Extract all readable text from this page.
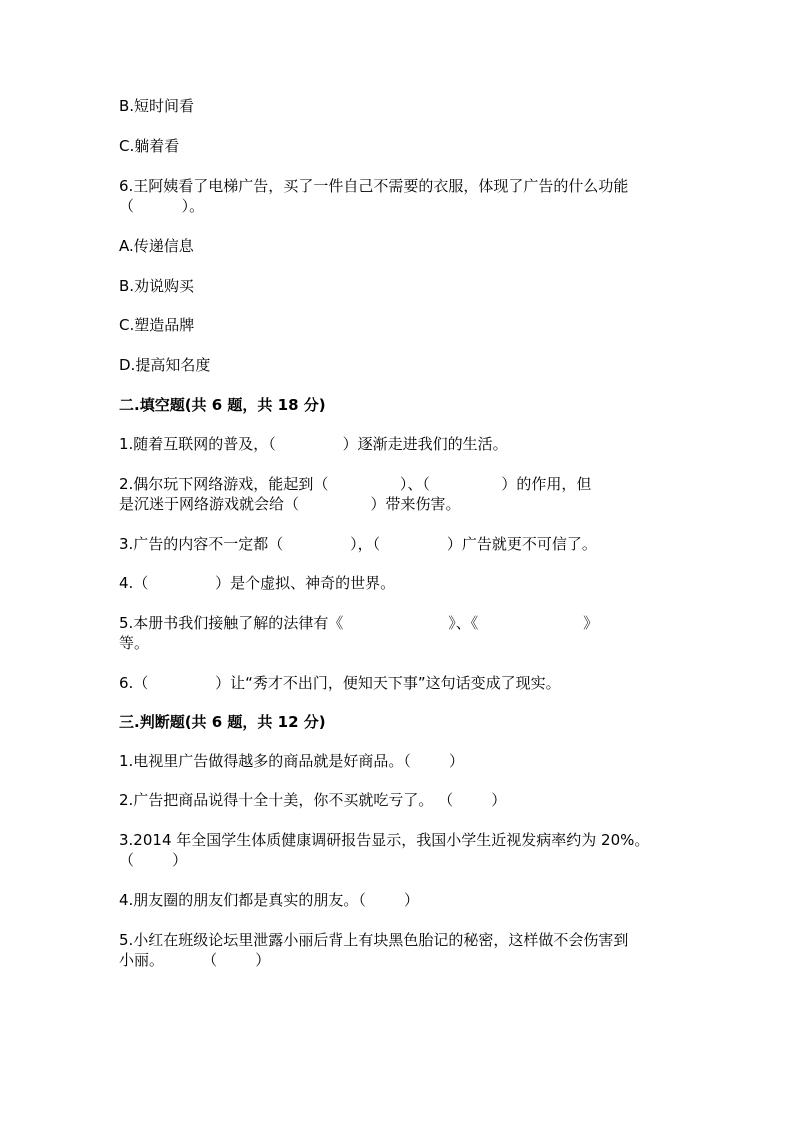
B.短时间看
C.躺着看
6.王阿姨看了电梯广告，买了一件自己不需要的衣服，体现了广告的什么功能
（          ）。
A.传递信息
B.劝说购买
C.塑造品牌
D.提高知名度
二.填空题(共 6 题，共 18 分)
1.随着互联网的普及，（              ）逐渐走进我们的生活。
2.偶尔玩下网络游戏，能起到（               ）、（               ）的作用，但
是沉迷于网络游戏就会给（               ）带来伤害。
3.广告的内容不一定都（              ），（              ）广告就更不可信了。
4.（              ）是个虚拟、神奇的世界。
5.本册书我们接触了解的法律有《                      》、《                      》
等。
6.（              ）让“秀才不出门，便知天下事”这句话变成了现实。
三.判断题(共 6 题，共 12 分)
1.电视里广告做得越多的商品就是好商品。（        ）
2.广告把商品说得十全十美，你不买就吃亏了。 （        ）
3.2014 年全国学生体质健康调研报告显示，我国小学生近视发病率约为 20%。
（        ）
4.朋友圈的朋友们都是真实的朋友。（        ）
5.小红在班级论坛里泄露小丽后背上有块黑色胎记的秘密，这样做不会伤害到
小丽。        （        ）
